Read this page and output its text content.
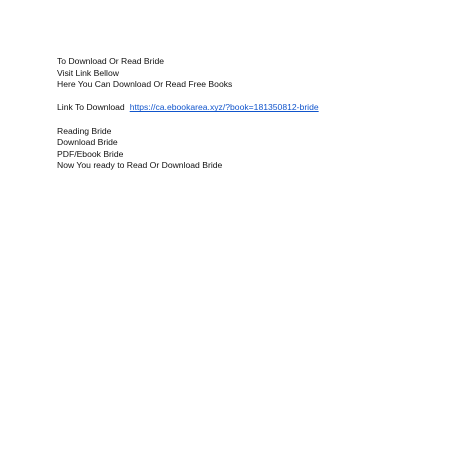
To Download Or Read Bride
Visit Link Bellow
Here You Can Download Or Read Free Books
Link To Download https://ca.ebookarea.xyz/?book=181350812-bride
Reading Bride
Download Bride
PDF/Ebook Bride
Now You ready to Read Or Download Bride
